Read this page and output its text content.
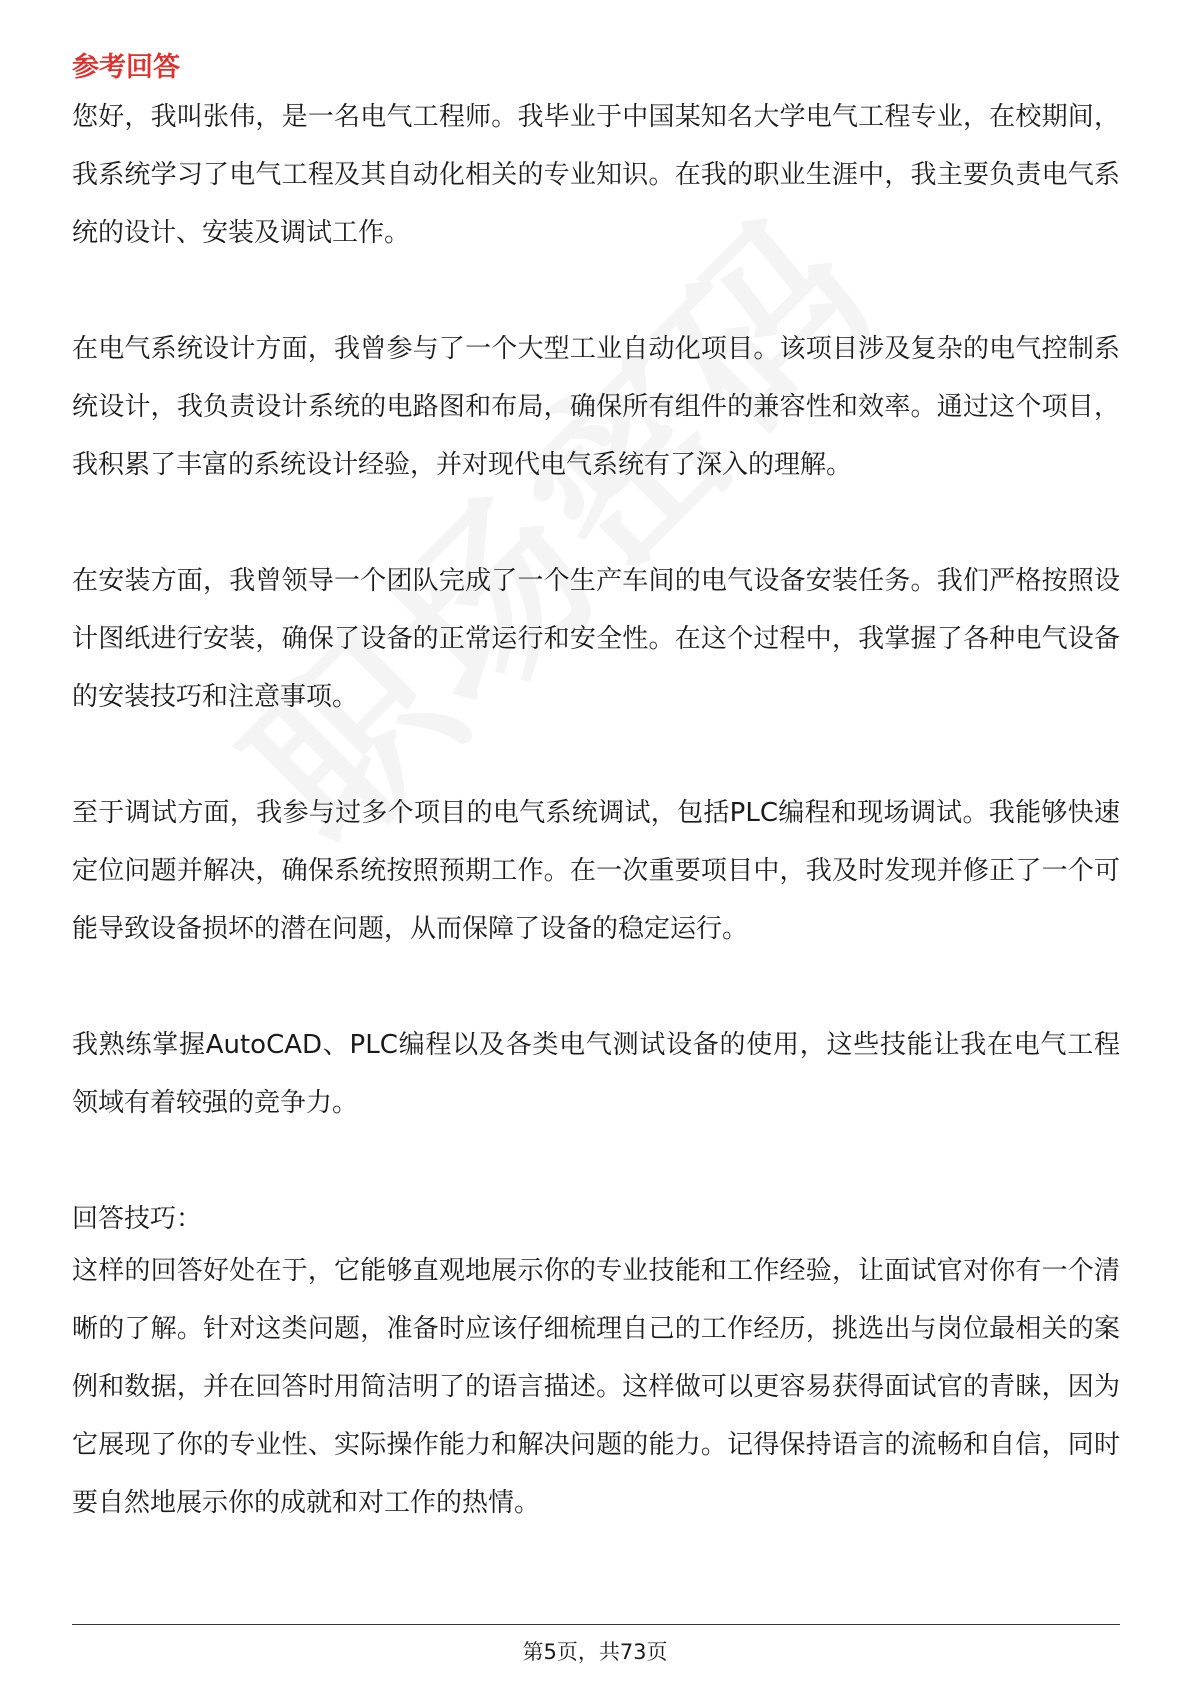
参考回答

您好，我叫张伟，是一名电气工程师。我毕业于中国某知名大学电气工程专业，在校期间，我系统学习了电气工程及其自动化相关的专业知识。在我的职业生涯中，我主要负责电气系统的设计、安装及调试工作。

在电气系统设计方面，我曾参与了一个大型工业自动化项目。该项目涉及复杂的电气控制系统设计，我负责设计系统的电路图和布局，确保所有组件的兼容性和效率。通过这个项目，我积累了丰富的系统设计经验，并对现代电气系统有了深入的理解。

在安装方面，我曾领导一个团队完成了一个生产车间的电气设备安装任务。我们严格按照设计图纸进行安装，确保了设备的正常运行和安全性。在这个过程中，我掌握了各种电气设备的安装技巧和注意事项。

至于调试方面，我参与过多个项目的电气系统调试，包括PLC编程和现场调试。我能够快速定位问题并解决，确保系统按照预期工作。在一次重要项目中，我及时发现并修正了一个可能导致设备损坏的潜在问题，从而保障了设备的稳定运行。

我熟练掌握AutoCAD、PLC编程以及各类电气测试设备的使用，这些技能让我在电气工程领域有着较强的竞争力。

回答技巧：

这样的回答好处在于，它能够直观地展示你的专业技能和工作经验，让面试官对你有一个清晰的了解。针对这类问题，准备时应该仔细梳理自己的工作经历，挑选出与岗位最相关的案例和数据，并在回答时用简洁明了的语言描述。这样做可以更容易获得面试官的青睐，因为它展现了你的专业性、实际操作能力和解决问题的能力。记得保持语言的流畅和自信，同时要自然地展示你的成就和对工作的热情。

第5页，共73页
